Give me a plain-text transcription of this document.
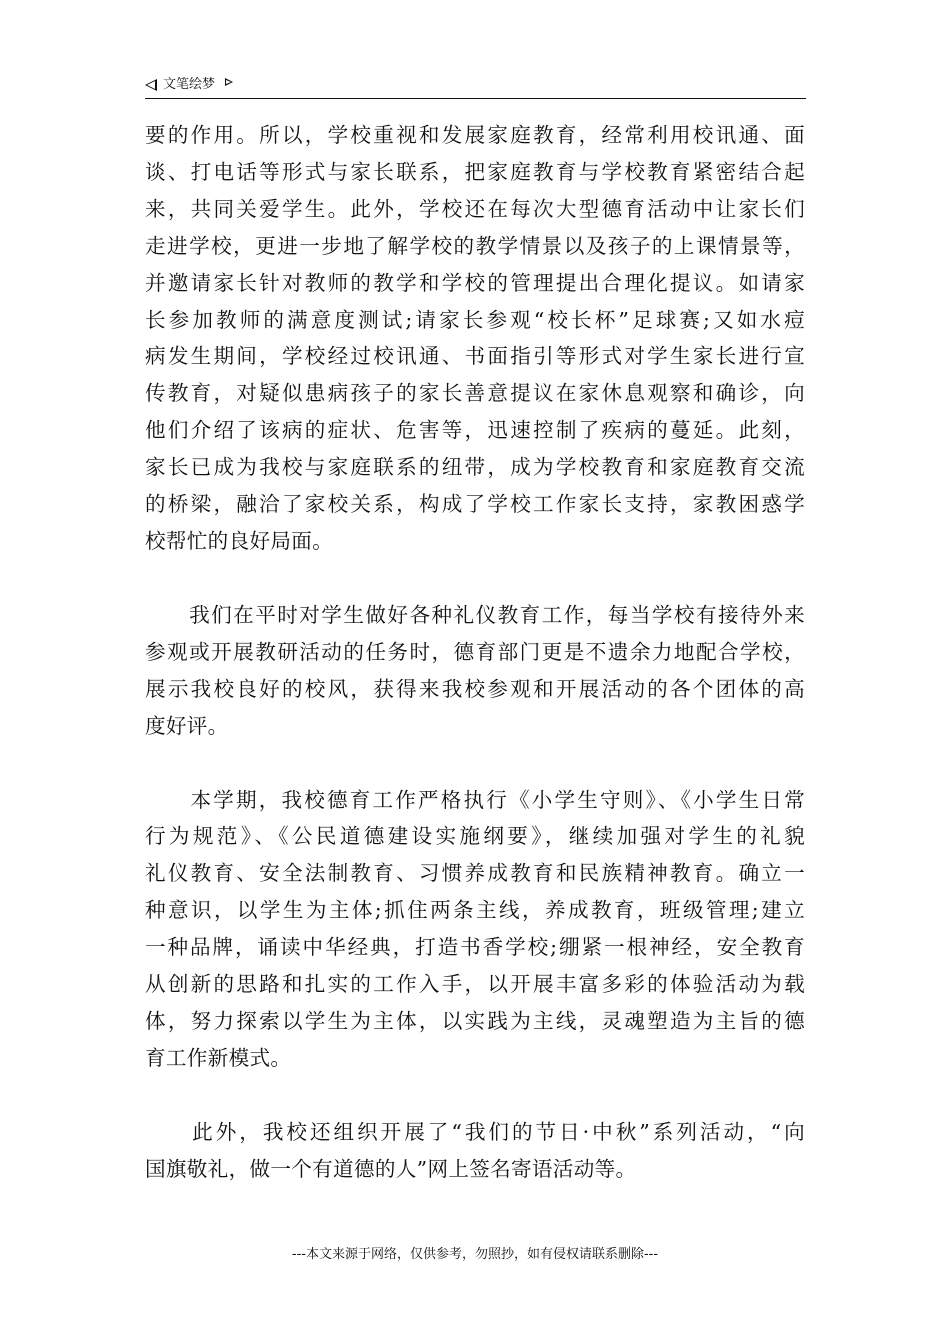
文笔绘梦

要的作用。所以，学校重视和发展家庭教育，经常利用校讯通、面
谈、打电话等形式与家长联系，把家庭教育与学校教育紧密结合起
来，共同关爱学生。此外，学校还在每次大型德育活动中让家长们
走进学校，更进一步地了解学校的教学情景以及孩子的上课情景等，
并邀请家长针对教师的教学和学校的管理提出合理化提议。如请家
长参加教师的满意度测试;请家长参观“校长杯”足球赛;又如水痘
病发生期间，学校经过校讯通、书面指引等形式对学生家长进行宣
传教育，对疑似患病孩子的家长善意提议在家休息观察和确诊，向
他们介绍了该病的症状、危害等，迅速控制了疾病的蔓延。此刻，
家长已成为我校与家庭联系的纽带，成为学校教育和家庭教育交流
的桥梁，融洽了家校关系，构成了学校工作家长支持，家教困惑学
校帮忙的良好局面。

　　我们在平时对学生做好各种礼仪教育工作，每当学校有接待外来
参观或开展教研活动的任务时，德育部门更是不遗余力地配合学校，
展示我校良好的校风，获得来我校参观和开展活动的各个团体的高
度好评。

　　本学期，我校德育工作严格执行《小学生守则》、《小学生日常
行为规范》、《公民道德建设实施纲要》，继续加强对学生的礼貌
礼仪教育、安全法制教育、习惯养成教育和民族精神教育。确立一
种意识，以学生为主体;抓住两条主线，养成教育，班级管理;建立
一种品牌，诵读中华经典，打造书香学校;绷紧一根神经，安全教育
从创新的思路和扎实的工作入手，以开展丰富多彩的体验活动为载
体，努力探索以学生为主体，以实践为主线，灵魂塑造为主旨的德
育工作新模式。

　　此外，我校还组织开展了“我们的节日·中秋”系列活动，“向
国旗敬礼，做一个有道德的人”网上签名寄语活动等。

---本文来源于网络，仅供参考，勿照抄，如有侵权请联系删除---
